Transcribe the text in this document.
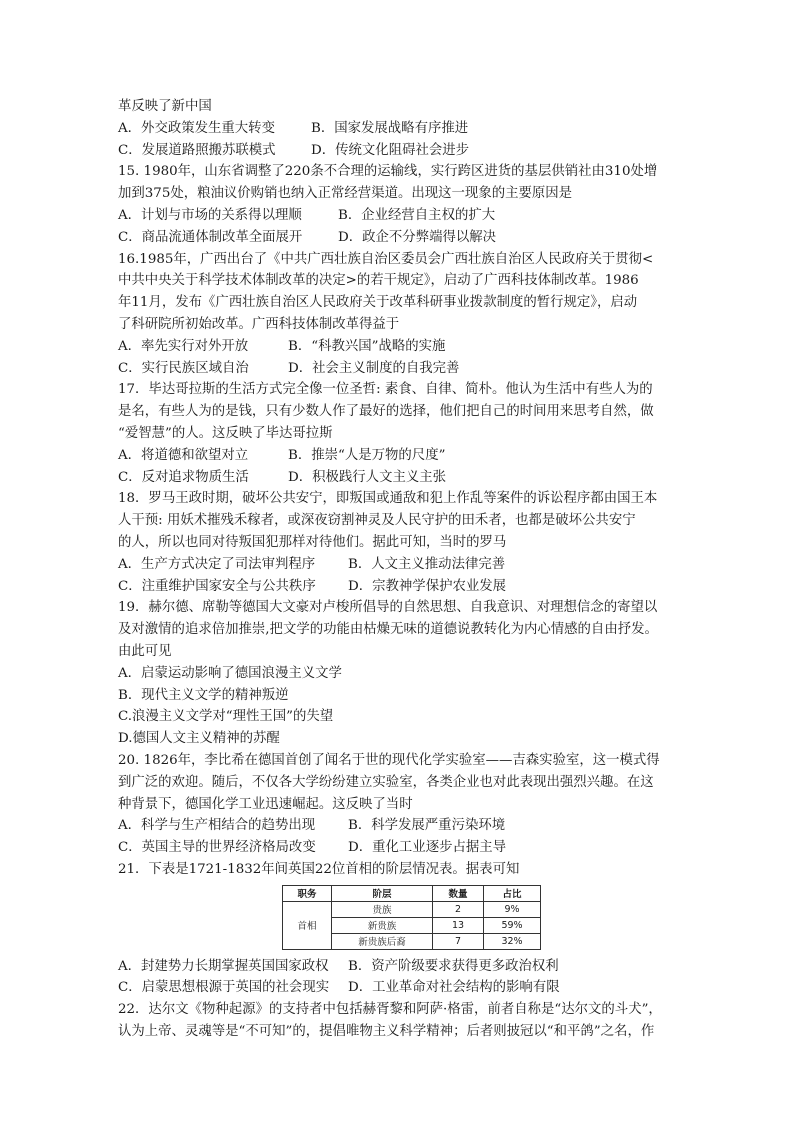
革反映了新中国
A．外交政策发生重大转变	B．国家发展战略有序推进
C．发展道路照搬苏联模式	D．传统文化阻碍社会进步
15. 1980年，山东省调整了220条不合理的运输线，实行跨区进货的基层供销社由310处增
加到375处，粮油议价购销也纳入正常经营渠道。出现这一现象的主要原因是
A．计划与市场的关系得以理顺	B．企业经营自主权的扩大
C．商品流通体制改革全面展开	D．政企不分弊端得以解决
16.1985年，广西出台了《中共广西壮族自治区委员会广西壮族自治区人民政府关于贯彻<
中共中央关于科学技术体制改革的决定>的若干规定》，启动了广西科技体制改革。1986
年11月，发布《广西壮族自治区人民政府关于改革科研事业拨款制度的暂行规定》，启动
了科研院所初始改革。广西科技体制改革得益于
A．率先实行对外开放	B．“科教兴国”战略的实施
C．实行民族区域自治	D．社会主义制度的自我完善
17．毕达哥拉斯的生活方式完全像一位圣哲: 素食、自律、简朴。他认为生活中有些人为的
是名，有些人为的是钱，只有少数人作了最好的选择，他们把自己的时间用来思考自然，做
“爱智慧”的人。这反映了毕达哥拉斯
A．将道德和欲望对立	B．推崇“人是万物的尺度”
C．反对追求物质生活	D．积极践行人文主义主张
18．罗马王政时期，破坏公共安宁，即叛国或通敌和犯上作乱等案件的诉讼程序都由国王本
人干预: 用妖术摧残禾稼者，或深夜窃割神灵及人民守护的田禾者，也都是破坏公共安宁
的人，所以也同对待叛国犯那样对待他们。据此可知，当时的罗马
A．生产方式决定了司法审判程序 B．人文主义推动法律完善
C．注重维护国家安全与公共秩序 D．宗教神学保护农业发展
19．赫尔德、席勒等德国大文豪对卢梭所倡导的自然思想、自我意识、对理想信念的寄望以
及对激情的追求倍加推崇,把文学的功能由枯燥无味的道德说教转化为内心情感的自由抒发。
由此可见
A．启蒙运动影响了德国浪漫主义文学
B．现代主义文学的精神叛逆
C.浪漫主义文学对“理性王国”的失望
D.德国人文主义精神的苏醒
20. 1826年，李比希在德国首创了闻名于世的现代化学实验室——吉森实验室，这一模式得
到广泛的欢迎。随后，不仅各大学纷纷建立实验室，各类企业也对此表现出强烈兴趣。在这
种背景下，德国化学工业迅速崛起。这反映了当时
A．科学与生产相结合的趋势出现 B．科学发展严重污染环境
C．英国主导的世界经济格局改变 D．重化工业逐步占据主导
21．下表是1721-1832年间英国22位首相的阶层情况表。据表可知
职务	阶层	数量	占比
首相	贵族	2	9%
	新贵族	13	59%
	新贵族后裔	7	32%
A．封建势力长期掌握英国国家政权 B．资产阶级要求获得更多政治权利
C．启蒙思想根源于英国的社会现实 D．工业革命对社会结构的影响有限
22．达尔文《物种起源》的支持者中包括赫胥黎和阿萨·格雷，前者自称是“达尔文的斗犬”，
认为上帝、灵魂等是“不可知”的，提倡唯物主义科学精神；后者则披冠以“和平鸽”之名，作
